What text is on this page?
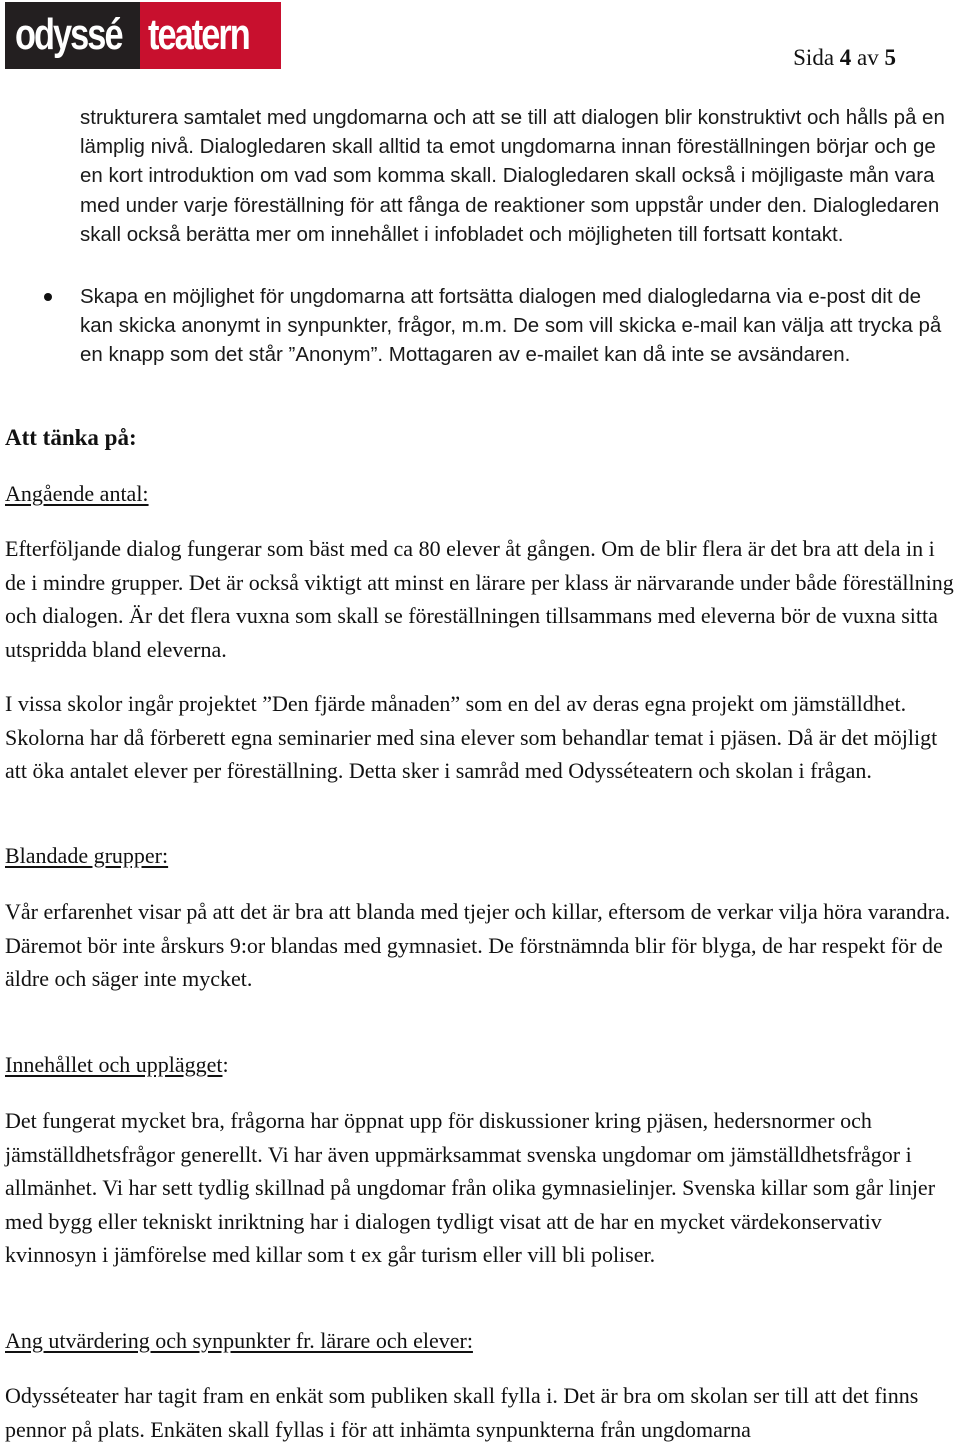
odyssé teatern	Sida 4 av 5

strukturera samtalet med ungdomarna och att se till att dialogen blir konstruktivt och hålls på en lämplig nivå. Dialogledaren skall alltid ta emot ungdomarna innan föreställningen börjar och ge en kort introduktion om vad som komma skall. Dialogledaren skall också i möjligaste mån vara med under varje föreställning för att fånga de reaktioner som uppstår under den. Dialogledaren skall också berätta mer om innehållet i infobladet och möjligheten till fortsatt kontakt.

Skapa en möjlighet för ungdomarna att fortsätta dialogen med dialogledarna via e-post dit de kan skicka anonymt in synpunkter, frågor, m.m. De som vill skicka e-mail kan välja att trycka på en knapp som det står ”Anonym”. Mottagaren av e-mailet kan då inte se avsändaren.

Att tänka på:

Angående antal:

Efterföljande dialog fungerar som bäst med ca 80 elever åt gången. Om de blir flera är det bra att dela in i de i mindre grupper. Det är också viktigt att minst en lärare per klass är närvarande under både föreställning och dialogen. Är det flera vuxna som skall se föreställningen tillsammans med eleverna bör de vuxna sitta utspridda bland eleverna.

I vissa skolor ingår projektet ”Den fjärde månaden” som en del av deras egna projekt om jämställdhet. Skolorna har då förberett egna seminarier med sina elever som behandlar temat i pjäsen. Då är det möjligt att öka antalet elever per föreställning. Detta sker i samråd med Odysséteatern och skolan i frågan.

Blandade grupper:

Vår erfarenhet visar på att det är bra att blanda med tjejer och killar, eftersom de verkar vilja höra varandra. Däremot bör inte årskurs 9:or blandas med gymnasiet. De förstnämnda blir för blyga, de har respekt för de äldre och säger inte mycket.

Innehållet och upplägget:

Det fungerat mycket bra, frågorna har öppnat upp för diskussioner kring pjäsen, hedersnormer och jämställdhetsfrågor generellt. Vi har även uppmärksammat svenska ungdomar om jämställdhetsfrågor i allmänhet. Vi har sett tydlig skillnad på ungdomar från olika gymnasielinjer. Svenska killar som går linjer med bygg eller tekniskt inriktning har i dialogen tydligt visat att de har en mycket värdekonservativ kvinnosyn i jämförelse med killar som t ex går turism eller vill bli poliser.

Ang utvärdering och synpunkter fr. lärare och elever:

Odysséteater har tagit fram en enkät som publiken skall fylla i. Det är bra om skolan ser till att det finns pennor på plats. Enkäten skall fyllas i för att inhämta synpunkterna från ungdomarna
